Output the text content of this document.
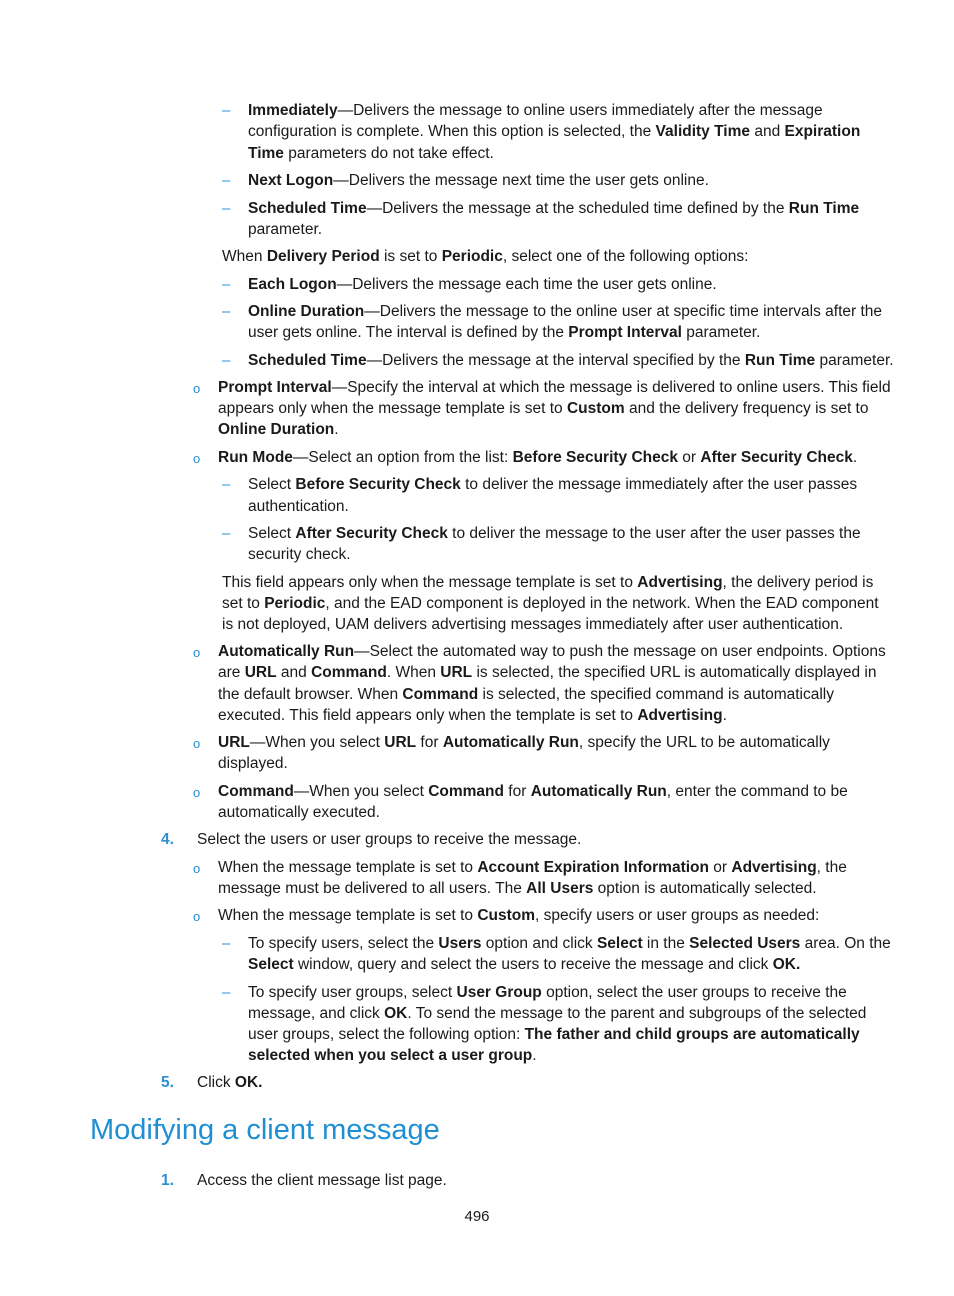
– Immediately—Delivers the message to online users immediately after the message
configuration is complete. When this option is selected, the Validity Time and Expiration
Time parameters do not take effect.
– Next Logon—Delivers the message next time the user gets online.
– Scheduled Time—Delivers the message at the scheduled time defined by the Run Time
parameter.
When Delivery Period is set to Periodic, select one of the following options:
– Each Logon—Delivers the message each time the user gets online.
– Online Duration—Delivers the message to the online user at specific time intervals after the
user gets online. The interval is defined by the Prompt Interval parameter.
– Scheduled Time—Delivers the message at the interval specified by the Run Time parameter.
o Prompt Interval—Specify the interval at which the message is delivered to online users. This field
appears only when the message template is set to Custom and the delivery frequency is set to
Online Duration.
o Run Mode—Select an option from the list: Before Security Check or After Security Check.
– Select Before Security Check to deliver the message immediately after the user passes
authentication.
– Select After Security Check to deliver the message to the user after the user passes the
security check.
This field appears only when the message template is set to Advertising, the delivery period is
set to Periodic, and the EAD component is deployed in the network. When the EAD component
is not deployed, UAM delivers advertising messages immediately after user authentication.
o Automatically Run—Select the automated way to push the message on user endpoints. Options
are URL and Command. When URL is selected, the specified URL is automatically displayed in
the default browser. When Command is selected, the specified command is automatically
executed. This field appears only when the template is set to Advertising.
o URL—When you select URL for Automatically Run, specify the URL to be automatically
displayed.
o Command—When you select Command for Automatically Run, enter the command to be
automatically executed.
4. Select the users or user groups to receive the message.
o When the message template is set to Account Expiration Information or Advertising, the
message must be delivered to all users. The All Users option is automatically selected.
o When the message template is set to Custom, specify users or user groups as needed:
– To specify users, select the Users option and click Select in the Selected Users area. On the
Select window, query and select the users to receive the message and click OK.
– To specify user groups, select User Group option, select the user groups to receive the
message, and click OK. To send the message to the parent and subgroups of the selected
user groups, select the following option: The father and child groups are automatically
selected when you select a user group.
5. Click OK.
Modifying a client message
1. Access the client message list page.
496
